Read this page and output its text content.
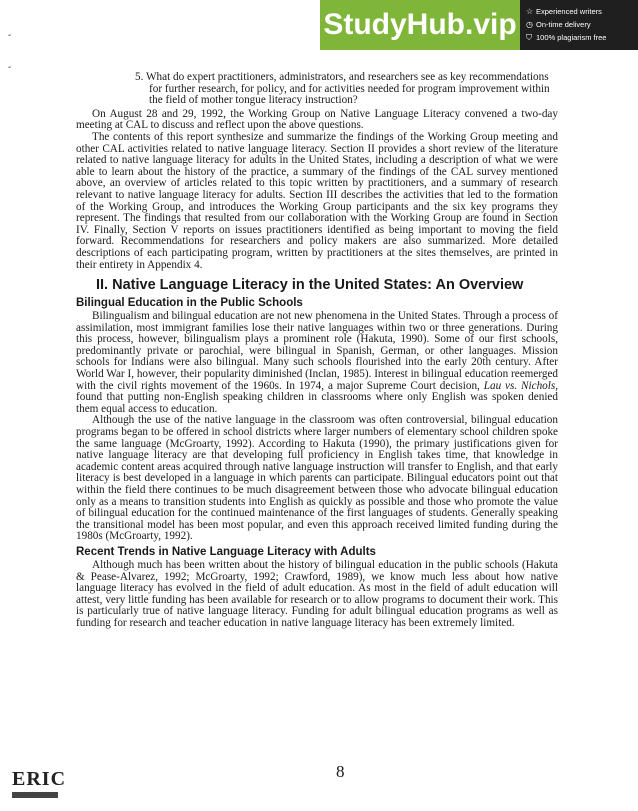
StudyHub.vip	☆ Experienced writers
◷ On-time delivery
⛉ 100% plagiarism free
-
-
5. What do expert practitioners, administrators, and researchers see as key recommendations for further research, for policy, and for activities needed for program improvement within the field of mother tongue literacy instruction?

On August 28 and 29, 1992, the Working Group on Native Language Literacy convened a two-day meeting at CAL to discuss and reflect upon the above questions.

The contents of this report synthesize and summarize the findings of the Working Group meeting and other CAL activities related to native language literacy. Section II provides a short review of the literature related to native language literacy for adults in the United States, including a description of what we were able to learn about the history of the practice, a summary of the findings of the CAL survey mentioned above, an overview of articles related to this topic written by practitioners, and a summary of research relevant to native language literacy for adults. Section III describes the activities that led to the formation of the Working Group, and introduces the Working Group participants and the six key programs they represent. The findings that resulted from our collaboration with the Working Group are found in Section IV. Finally, Section V reports on issues practitioners identified as being important to moving the field forward. Recommendations for researchers and policy makers are also summarized. More detailed descriptions of each participating program, written by practitioners at the sites themselves, are printed in their entirety in Appendix 4.

II. Native Language Literacy in the United States: An Overview
Bilingual Education in the Public Schools

Bilingualism and bilingual education are not new phenomena in the United States. Through a process of assimilation, most immigrant families lose their native languages within two or three generations. During this process, however, bilingualism plays a prominent role (Hakuta, 1990). Some of our first schools, predominantly private or parochial, were bilingual in Spanish, German, or other languages. Mission schools for Indians were also bilingual. Many such schools flourished into the early 20th century. After World War I, however, their popularity diminished (Inclan, 1985). Interest in bilingual education reemerged with the civil rights movement of the 1960s. In 1974, a major Supreme Court decision, Lau vs. Nichols, found that putting non-English speaking children in classrooms where only English was spoken denied them equal access to education.

Although the use of the native language in the classroom was often controversial, bilingual education programs began to be offered in school districts where larger numbers of elementary school children spoke the same language (McGroarty, 1992). According to Hakuta (1990), the primary justifications given for native language literacy are that developing full proficiency in English takes time, that knowledge in academic content areas acquired through native language instruction will transfer to English, and that early literacy is best developed in a language in which parents can participate. Bilingual educators point out that within the field there continues to be much disagreement between those who advocate bilingual education only as a means to transition students into English as quickly as possible and those who promote the value of bilingual education for the continued maintenance of the first languages of students. Generally speaking the transitional model has been most popular, and even this approach received limited funding during the 1980s (McGroarty, 1992).

Recent Trends in Native Language Literacy with Adults

Although much has been written about the history of bilingual education in the public schools (Hakuta & Pease-Alvarez, 1992; McGroarty, 1992; Crawford, 1989), we know much less about how native language literacy has evolved in the field of adult education. As most in the field of adult education will attest, very little funding has been available for research or to allow programs to document their work. This is particularly true of native language literacy. Funding for adult bilingual education programs as well as funding for research and teacher education in native language literacy has been extremely limited.

8
ERIC
